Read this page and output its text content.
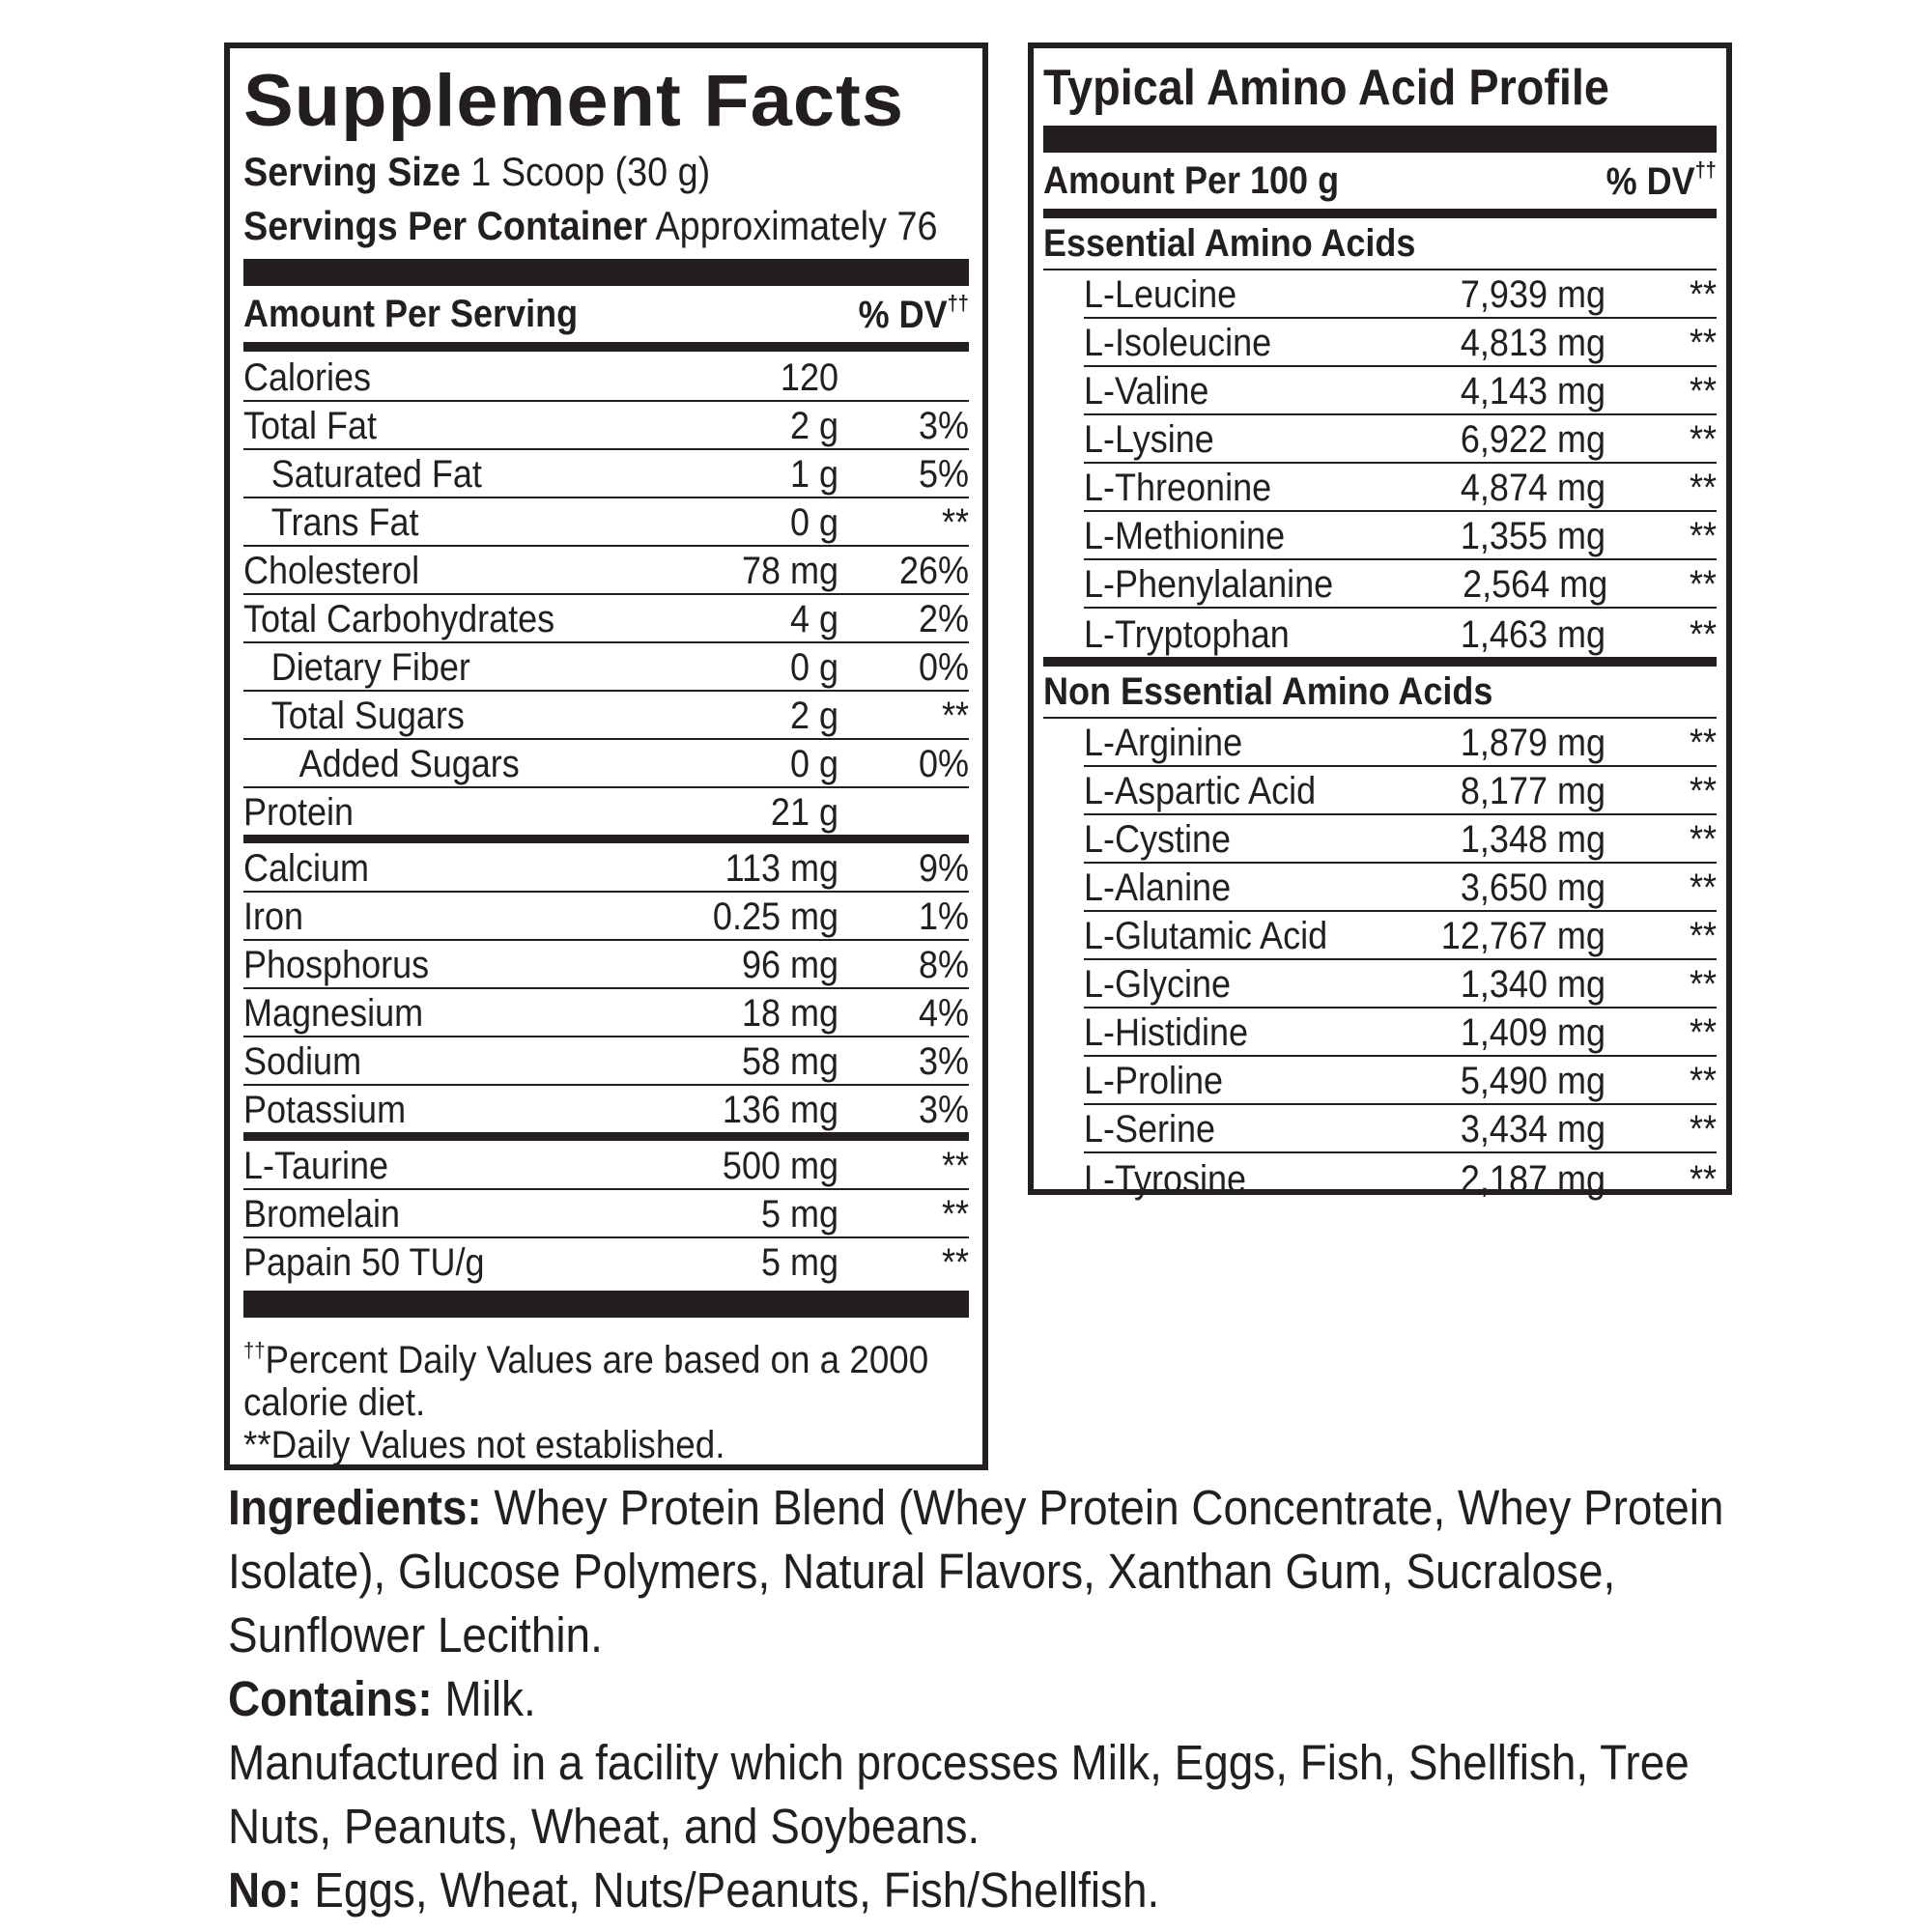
Supplement Facts
Serving Size 1 Scoop (30 g)
Servings Per Container Approximately 76
Amount Per Serving	% DV††
Calories	120
Total Fat	2 g	3%
Saturated Fat	1 g	5%
Trans Fat	0 g	**
Cholesterol	78 mg	26%
Total Carbohydrates	4 g	2%
Dietary Fiber	0 g	0%
Total Sugars	2 g	**
Added Sugars	0 g	0%
Protein	21 g
Calcium	113 mg	9%
Iron	0.25 mg	1%
Phosphorus	96 mg	8%
Magnesium	18 mg	4%
Sodium	58 mg	3%
Potassium	136 mg	3%
L-Taurine	500 mg	**
Bromelain	5 mg	**
Papain 50 TU/g	5 mg	**
††Percent Daily Values are based on a 2000 calorie diet.
**Daily Values not established.
Typical Amino Acid Profile
Amount Per 100 g	% DV††
Essential Amino Acids
L-Leucine	7,939 mg	**
L-Isoleucine	4,813 mg	**
L-Valine	4,143 mg	**
L-Lysine	6,922 mg	**
L-Threonine	4,874 mg	**
L-Methionine	1,355 mg	**
L-Phenylalanine	2,564 mg	**
L-Tryptophan	1,463 mg	**
Non Essential Amino Acids
L-Arginine	1,879 mg	**
L-Aspartic Acid	8,177 mg	**
L-Cystine	1,348 mg	**
L-Alanine	3,650 mg	**
L-Glutamic Acid	12,767 mg	**
L-Glycine	1,340 mg	**
L-Histidine	1,409 mg	**
L-Proline	5,490 mg	**
L-Serine	3,434 mg	**
L-Tyrosine	2,187 mg	**

Ingredients: Whey Protein Blend (Whey Protein Concentrate, Whey Protein Isolate), Glucose Polymers, Natural Flavors, Xanthan Gum, Sucralose, Sunflower Lecithin.

Contains: Milk.

Manufactured in a facility which processes Milk, Eggs, Fish, Shellfish, Tree Nuts, Peanuts, Wheat, and Soybeans.

No: Eggs, Wheat, Nuts/Peanuts, Fish/Shellfish.
